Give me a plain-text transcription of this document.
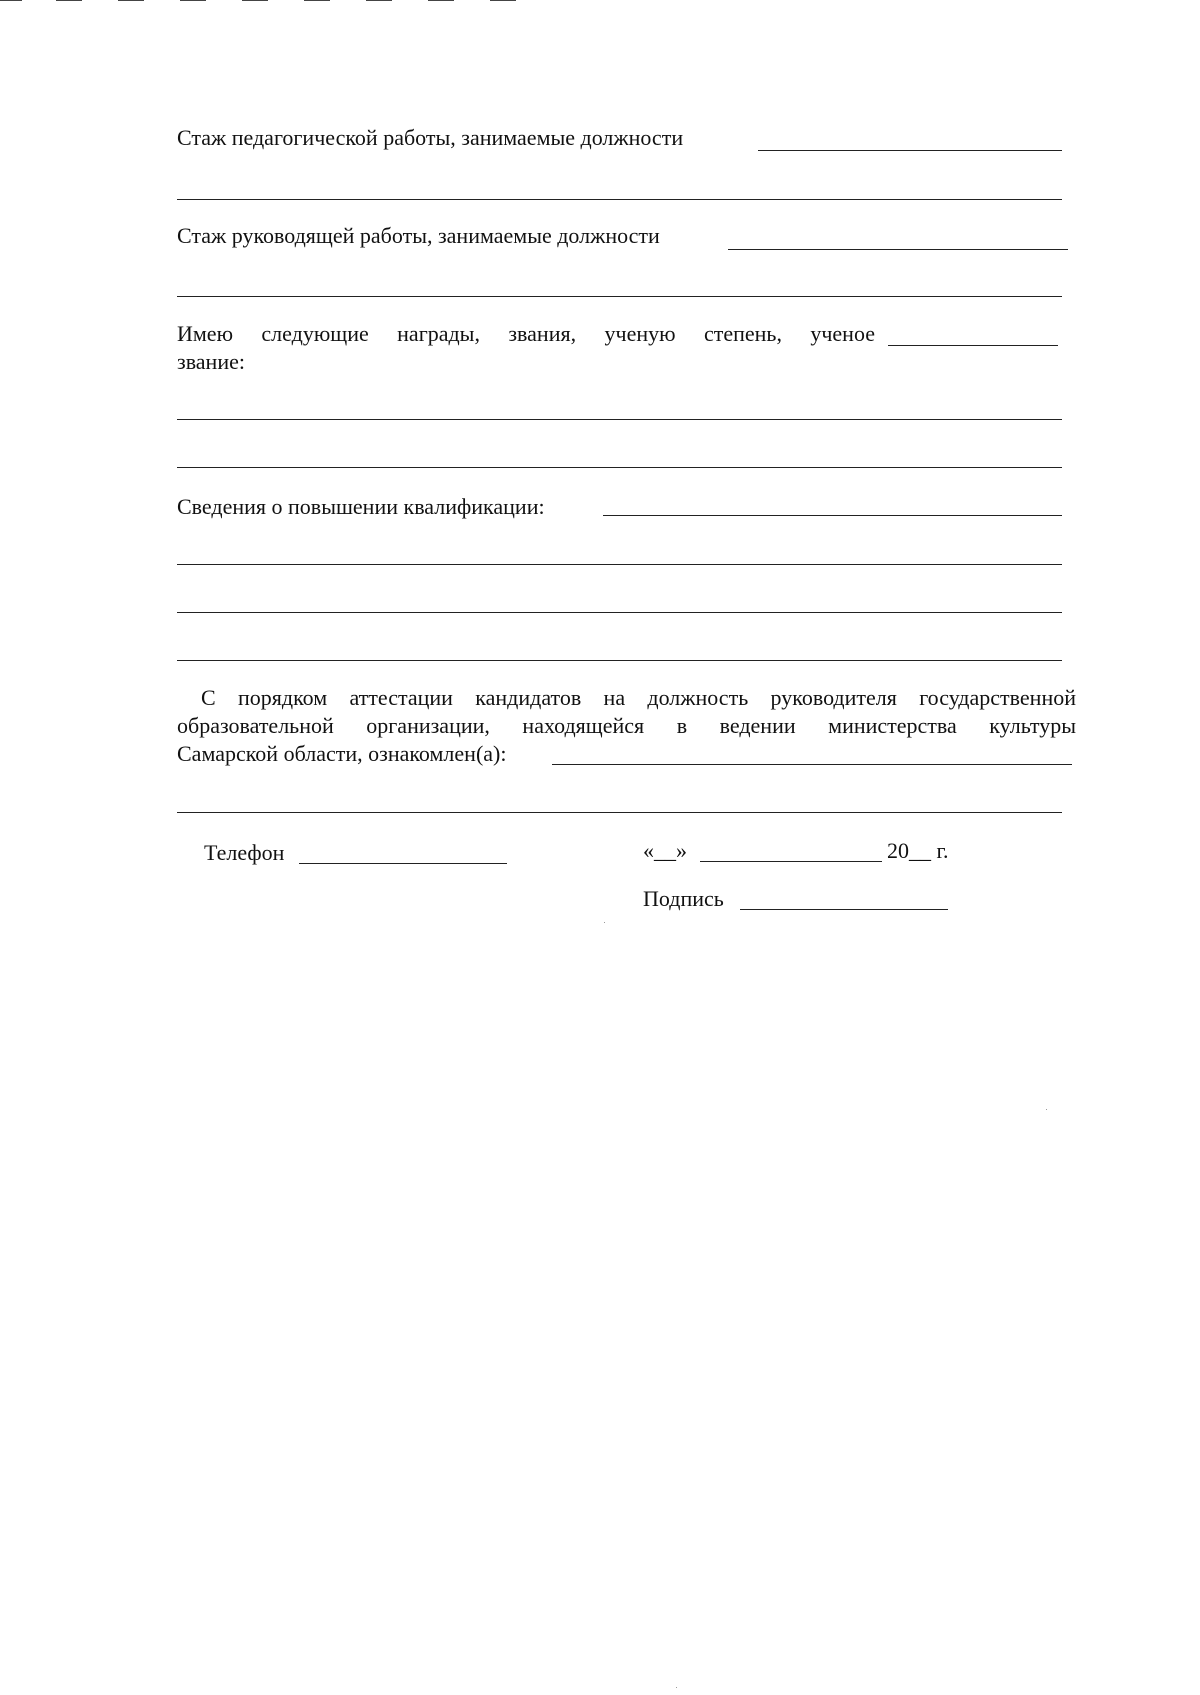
Стаж педагогической работы, занимаемые должности
Стаж руководящей работы, занимаемые должности
Имею следующие награды, звания, ученую степень, ученое
звание:
Сведения о повышении квалификации:
С порядком аттестации кандидатов на должность руководителя государственной
образовательной организации, находящейся в ведении министерства культуры
Самарской области, ознакомлен(а):
Телефон	«__»	20__ г.
Подпись
